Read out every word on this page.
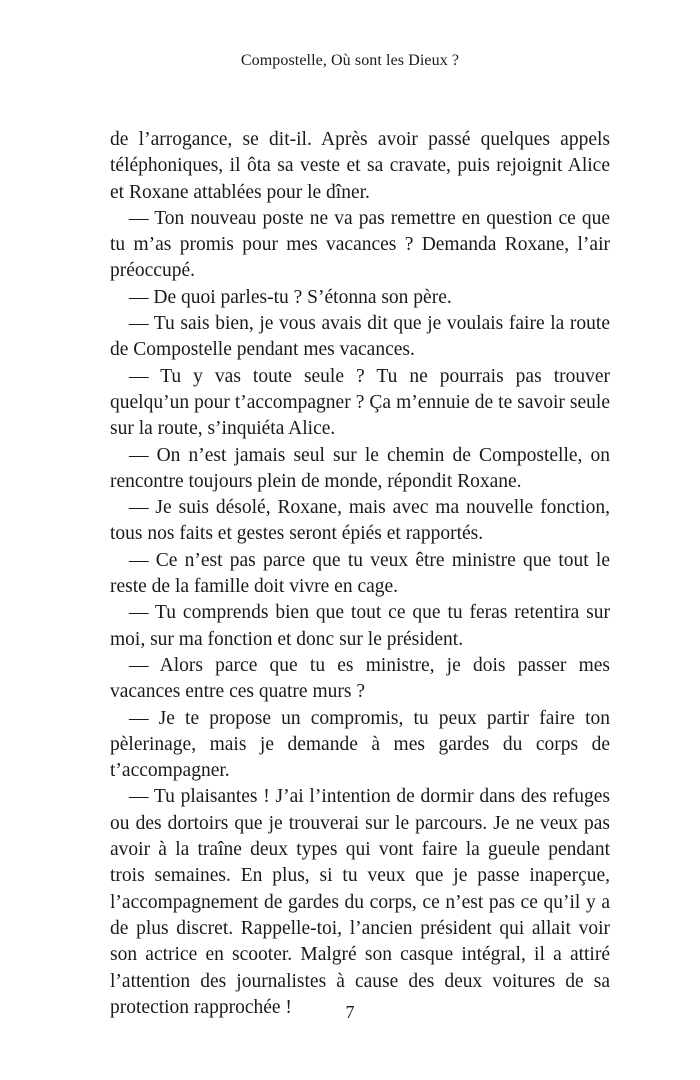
Compostelle, Où sont les Dieux ?

de l’arrogance, se dit-il. Après avoir passé quelques appels téléphoniques, il ôta sa veste et sa cravate, puis rejoignit Alice et Roxane attablées pour le dîner.

— Ton nouveau poste ne va pas remettre en question ce que tu m’as promis pour mes vacances ? Demanda Roxane, l’air préoccupé.

— De quoi parles-tu ? S’étonna son père.

— Tu sais bien, je vous avais dit que je voulais faire la route de Compostelle pendant mes vacances.

— Tu y vas toute seule ? Tu ne pourrais pas trouver quelqu’un pour t’accompagner ? Ça m’ennuie de te savoir seule sur la route, s’inquiéta Alice.

— On n’est jamais seul sur le chemin de Compostelle, on rencontre toujours plein de monde, répondit Roxane.

— Je suis désolé, Roxane, mais avec ma nouvelle fonction, tous nos faits et gestes seront épiés et rapportés.

— Ce n’est pas parce que tu veux être ministre que tout le reste de la famille doit vivre en cage.

— Tu comprends bien que tout ce que tu feras retentira sur moi, sur ma fonction et donc sur le président.

— Alors parce que tu es ministre, je dois passer mes vacances entre ces quatre murs ?

— Je te propose un compromis, tu peux partir faire ton pèlerinage, mais je demande à mes gardes du corps de t’accompagner.

— Tu plaisantes ! J’ai l’intention de dormir dans des refuges ou des dortoirs que je trouverai sur le parcours. Je ne veux pas avoir à la traîne deux types qui vont faire la gueule pendant trois semaines. En plus, si tu veux que je passe inaperçue, l’accompagnement de gardes du corps, ce n’est pas ce qu’il y a de plus discret. Rappelle-toi, l’ancien président qui allait voir son actrice en scooter. Malgré son casque intégral, il a attiré l’attention des journalistes à cause des deux voitures de sa protection rapprochée !	7
